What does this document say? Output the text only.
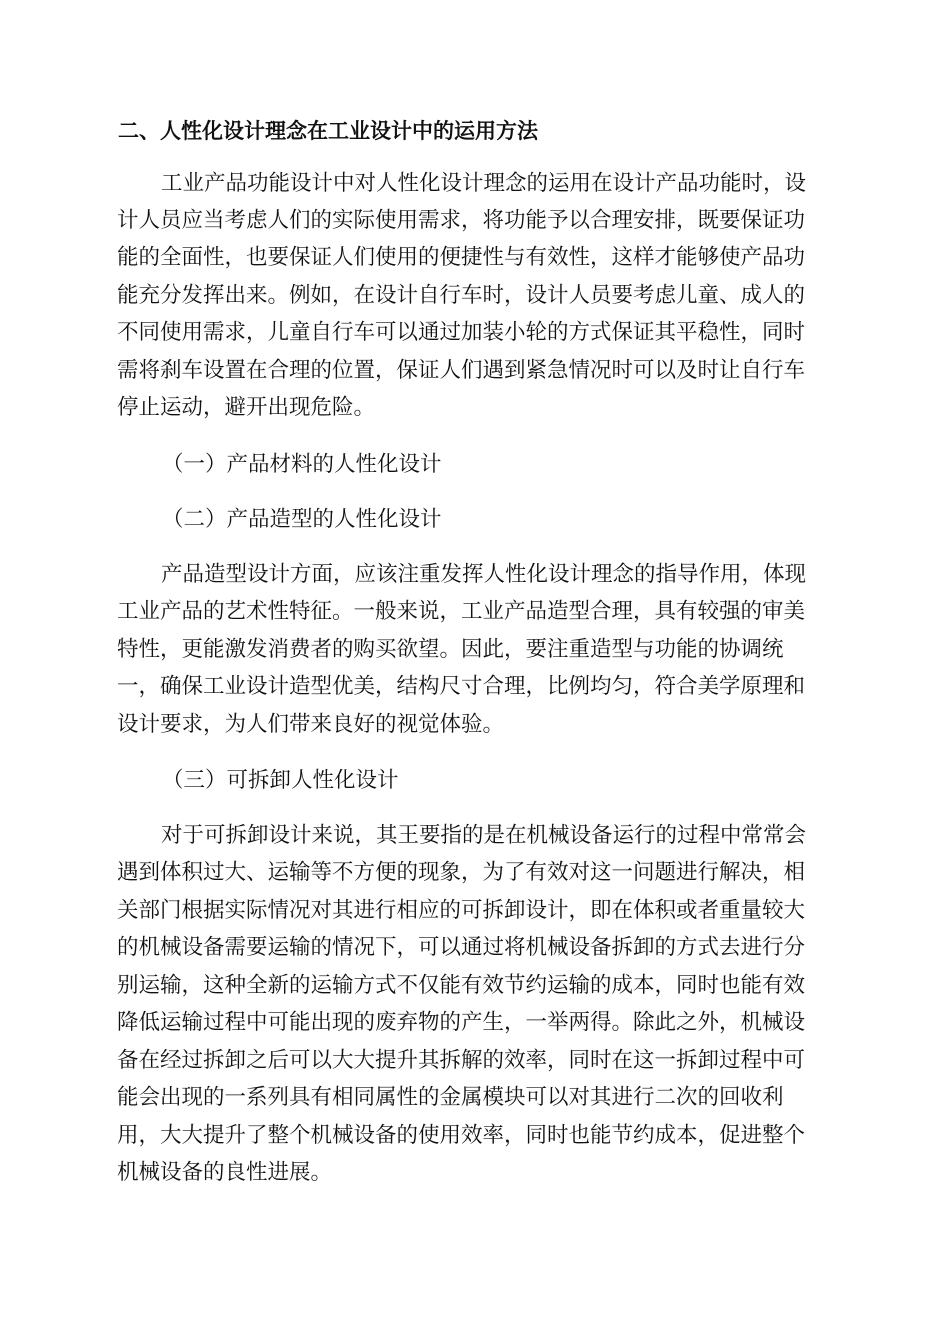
二、人性化设计理念在工业设计中的运用方法
工业产品功能设计中对人性化设计理念的运用在设计产品功能时，设
计人员应当考虑人们的实际使用需求，将功能予以合理安排，既要保证功
能的全面性，也要保证人们使用的便捷性与有效性，这样才能够使产品功
能充分发挥出来。例如，在设计自行车时，设计人员要考虑儿童、成人的
不同使用需求，儿童自行车可以通过加装小轮的方式保证其平稳性，同时
需将刹车设置在合理的位置，保证人们遇到紧急情况时可以及时让自行车
停止运动，避开出现危险。
（一）产品材料的人性化设计
（二）产品造型的人性化设计
产品造型设计方面，应该注重发挥人性化设计理念的指导作用，体现
工业产品的艺术性特征。一般来说，工业产品造型合理，具有较强的审美
特性，更能激发消费者的购买欲望。因此，要注重造型与功能的协调统
一，确保工业设计造型优美，结构尺寸合理，比例均匀，符合美学原理和
设计要求，为人们带来良好的视觉体验。
（三）可拆卸人性化设计
对于可拆卸设计来说，其王要指的是在机械设备运行的过程中常常会
遇到体积过大、运输等不方便的现象，为了有效对这一问题进行解决，相
关部门根据实际情况对其进行相应的可拆卸设计，即在体积或者重量较大
的机械设备需要运输的情况下，可以通过将机械设备拆卸的方式去进行分
别运输，这种全新的运输方式不仅能有效节约运输的成本，同时也能有效
降低运输过程中可能出现的废弃物的产生，一举两得。除此之外，机械设
备在经过拆卸之后可以大大提升其拆解的效率，同时在这一拆卸过程中可
能会出现的一系列具有相同属性的金属模块可以对其进行二次的回收利
用，大大提升了整个机械设备的使用效率，同时也能节约成本，促进整个
机械设备的良性进展。
